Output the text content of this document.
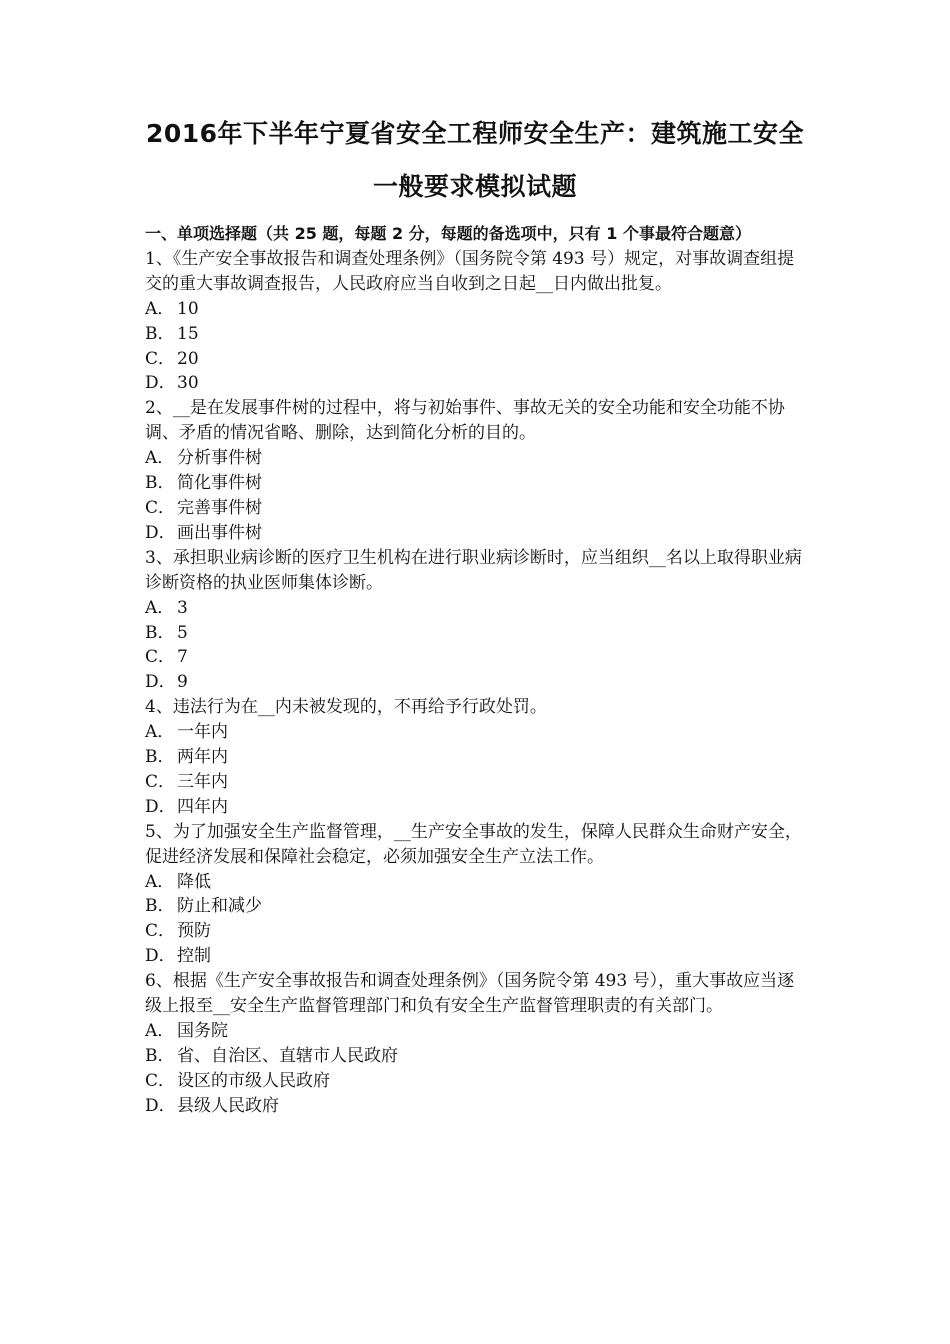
2016年下半年宁夏省安全工程师安全生产：建筑施工安全
一般要求模拟试题

一、单项选择题（共 25 题，每题 2 分，每题的备选项中，只有 1 个事最符合题意）

1、《生产安全事故报告和调查处理条例》（国务院令第 493 号）规定，对事故调查组提交的重大事故调查报告，人民政府应当自收到之日起__日内做出批复。

A． 10

B． 15

C． 20

D．30

2、__是在发展事件树的过程中，将与初始事件、事故无关的安全功能和安全功能不协调、矛盾的情况省略、删除，达到简化分析的目的。

A． 分析事件树

B． 简化事件树

C． 完善事件树

D．画出事件树

3、承担职业病诊断的医疗卫生机构在进行职业病诊断时，应当组织__名以上取得职业病诊断资格的执业医师集体诊断。

A． 3

B． 5

C． 7

D．9

4、违法行为在__内未被发现的，不再给予行政处罚。

A． 一年内

B． 两年内

C． 三年内

D．四年内

5、为了加强安全生产监督管理，__生产安全事故的发生，保障人民群众生命财产安全，促进经济发展和保障社会稳定，必须加强安全生产立法工作。

A． 降低

B． 防止和减少

C． 预防

D．控制

6、根据《生产安全事故报告和调查处理条例》（国务院令第 493 号），重大事故应当逐级上报至__安全生产监督管理部门和负有安全生产监督管理职责的有关部门。

A． 国务院

B． 省、自治区、直辖市人民政府

C． 设区的市级人民政府

D．县级人民政府
